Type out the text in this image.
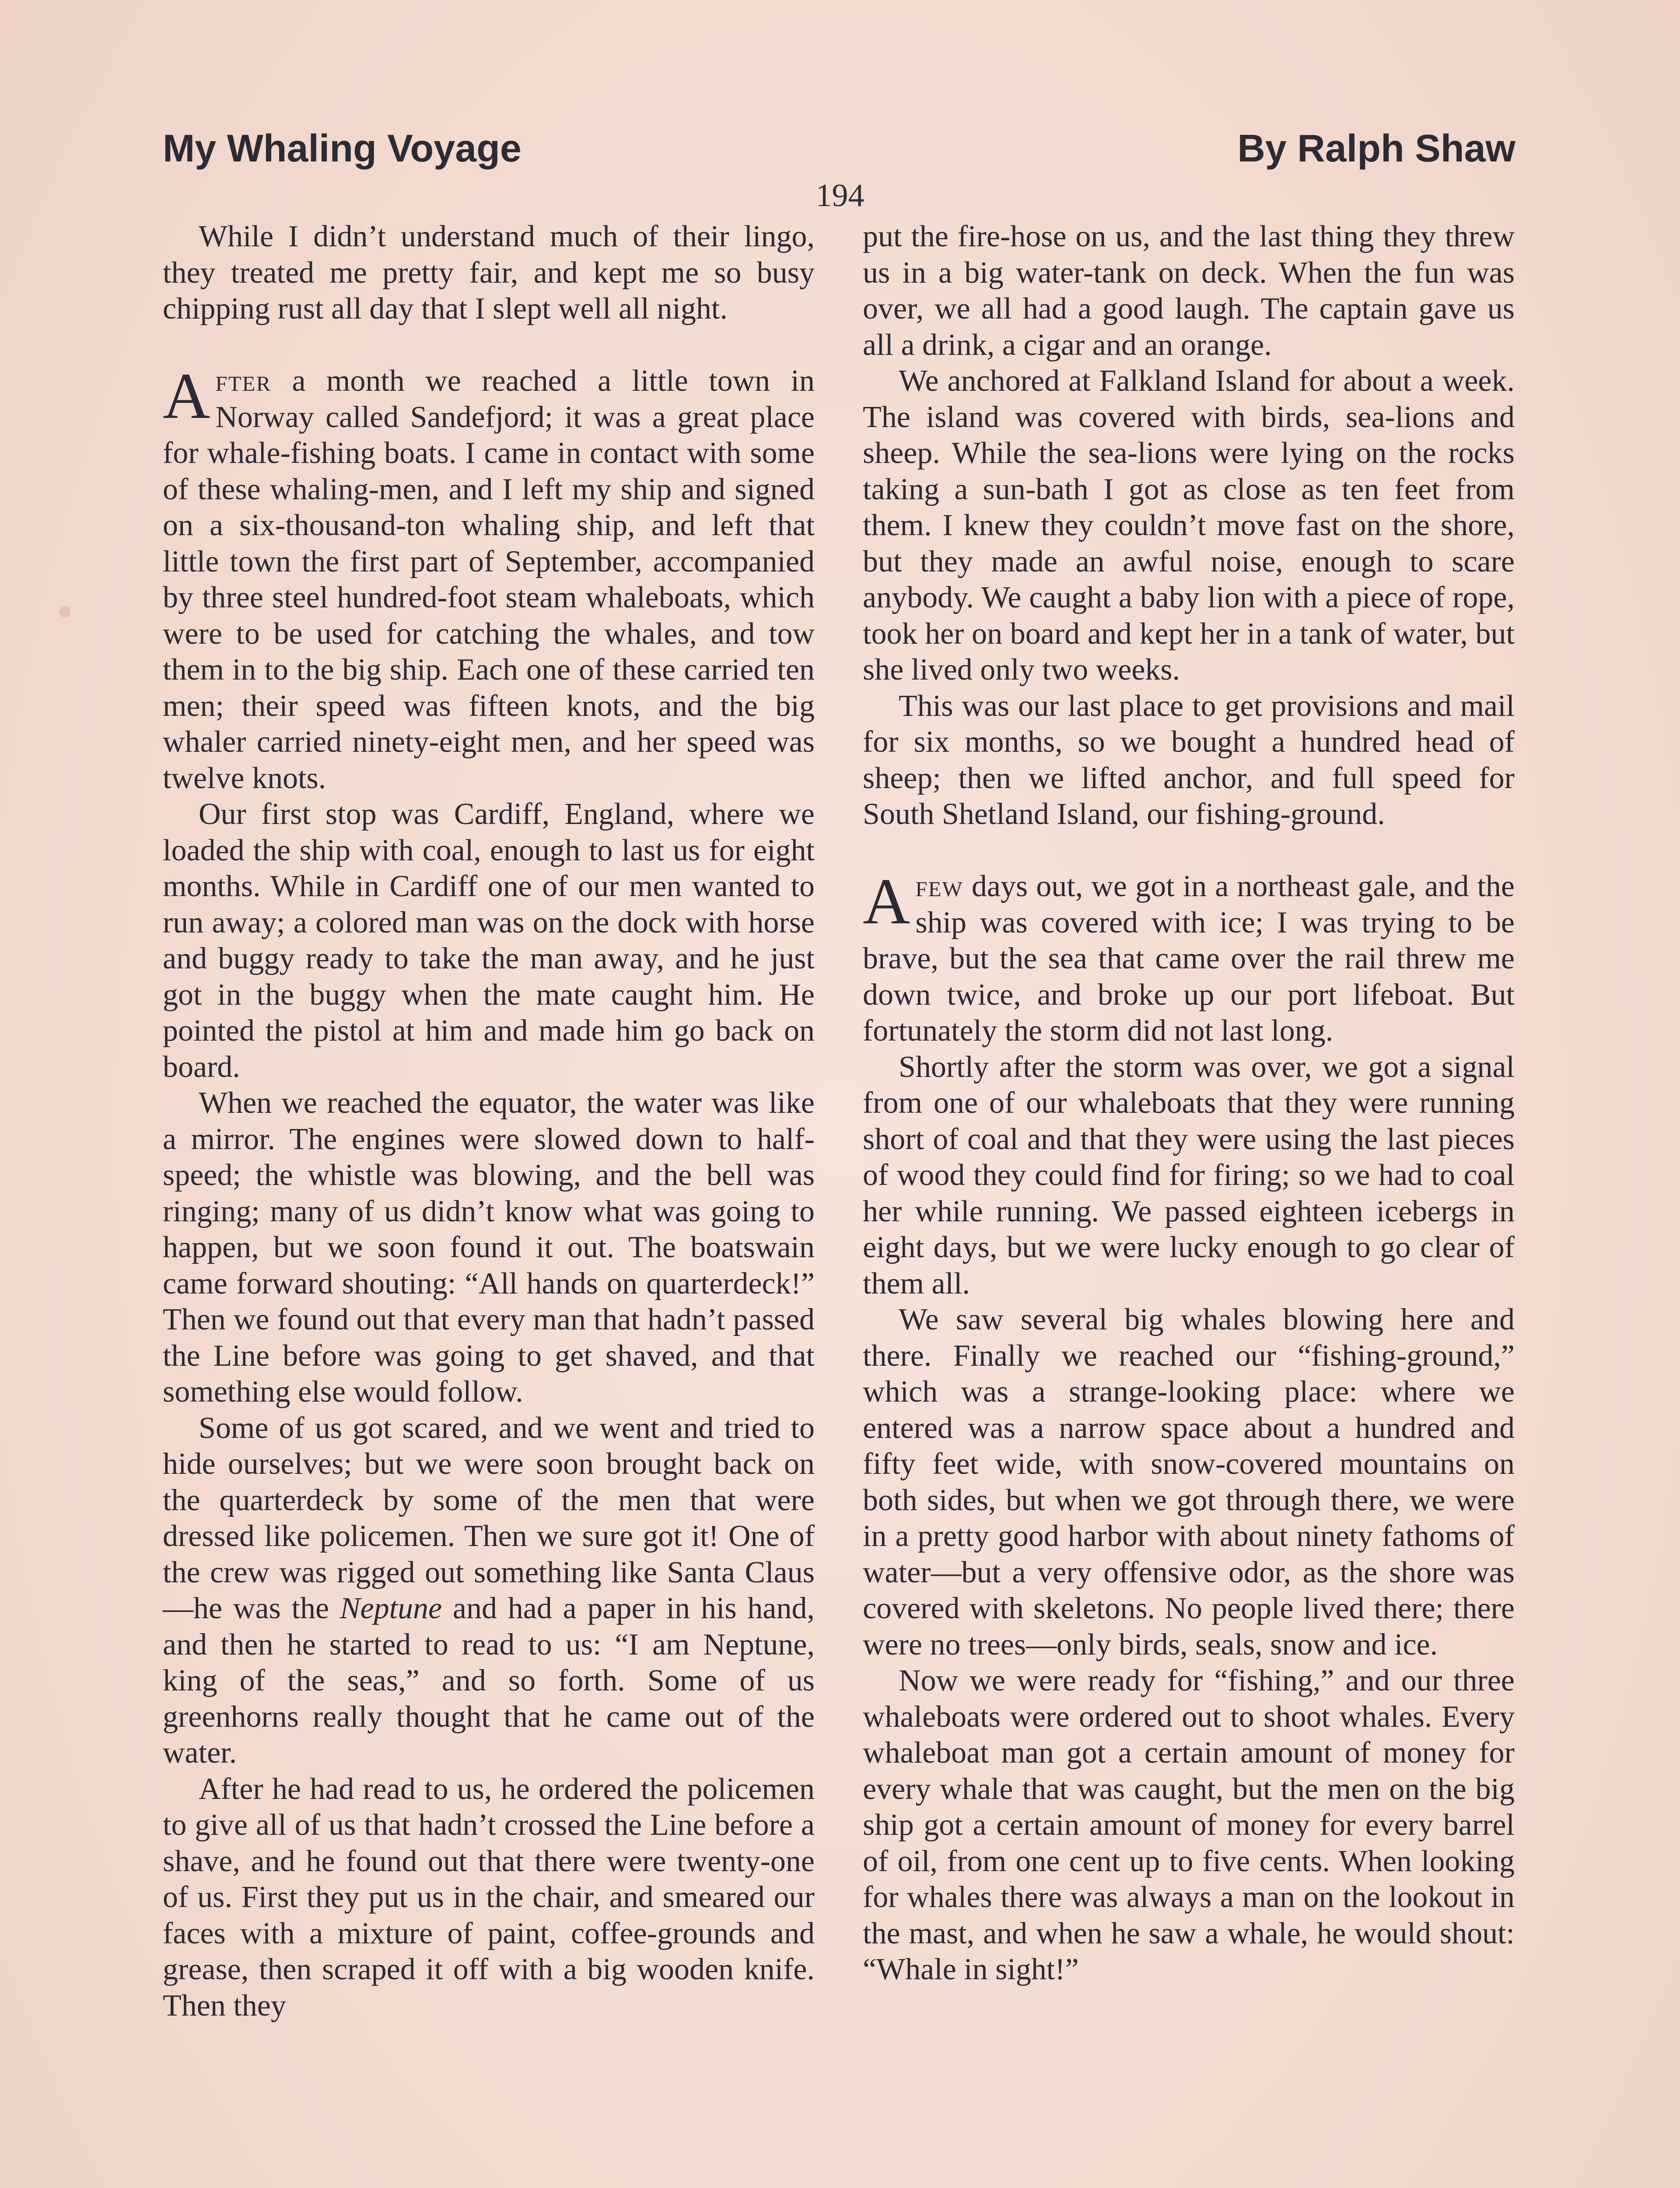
My Whaling Voyage	By Ralph Shaw
194

While I didn’t understand much of their lingo, they treated me pretty fair, and kept me so busy chipping rust all day that I slept well all night.

After a month we reached a little town in Norway called Sandefjord; it was a great place for whale-fishing boats. I came in contact with some of these whaling-men, and I left my ship and signed on a six-thousand-ton whaling ship, and left that little town the first part of September, accompanied by three steel hundred-foot steam whaleboats, which were to be used for catching the whales, and tow them in to the big ship. Each one of these carried ten men; their speed was fifteen knots, and the big whaler carried ninety-eight men, and her speed was twelve knots.

Our first stop was Cardiff, England, where we loaded the ship with coal, enough to last us for eight months. While in Cardiff one of our men wanted to run away; a colored man was on the dock with horse and buggy ready to take the man away, and he just got in the buggy when the mate caught him. He pointed the pistol at him and made him go back on board.

When we reached the equator, the water was like a mirror. The engines were slowed down to half-speed; the whistle was blowing, and the bell was ringing; many of us didn’t know what was going to happen, but we soon found it out. The boatswain came forward shouting: “All hands on quarterdeck!” Then we found out that every man that hadn’t passed the Line before was going to get shaved, and that something else would follow.

Some of us got scared, and we went and tried to hide ourselves; but we were soon brought back on the quarterdeck by some of the men that were dressed like policemen. Then we sure got it! One of the crew was rigged out something like Santa Claus—he was the Neptune and had a paper in his hand, and then he started to read to us: “I am Neptune, king of the seas,” and so forth. Some of us greenhorns really thought that he came out of the water.

After he had read to us, he ordered the policemen to give all of us that hadn’t crossed the Line before a shave, and he found out that there were twenty-one of us. First they put us in the chair, and smeared our faces with a mixture of paint, coffee-grounds and grease, then scraped it off with a big wooden knife. Then they

put the fire-hose on us, and the last thing they threw us in a big water-tank on deck. When the fun was over, we all had a good laugh. The captain gave us all a drink, a cigar and an orange.

We anchored at Falkland Island for about a week. The island was covered with birds, sea-lions and sheep. While the sea-lions were lying on the rocks taking a sun-bath I got as close as ten feet from them. I knew they couldn’t move fast on the shore, but they made an awful noise, enough to scare anybody. We caught a baby lion with a piece of rope, took her on board and kept her in a tank of water, but she lived only two weeks.

This was our last place to get provisions and mail for six months, so we bought a hundred head of sheep; then we lifted anchor, and full speed for South Shetland Island, our fishing-ground.

Afew days out, we got in a northeast gale, and the ship was covered with ice; I was trying to be brave, but the sea that came over the rail threw me down twice, and broke up our port lifeboat. But fortunately the storm did not last long.

Shortly after the storm was over, we got a signal from one of our whaleboats that they were running short of coal and that they were using the last pieces of wood they could find for firing; so we had to coal her while running. We passed eighteen icebergs in eight days, but we were lucky enough to go clear of them all.

We saw several big whales blowing here and there. Finally we reached our “fishing-ground,” which was a strange-looking place: where we entered was a narrow space about a hundred and fifty feet wide, with snow-covered mountains on both sides, but when we got through there, we were in a pretty good harbor with about ninety fathoms of water—but a very offensive odor, as the shore was covered with skeletons. No people lived there; there were no trees—only birds, seals, snow and ice.

Now we were ready for “fishing,” and our three whaleboats were ordered out to shoot whales. Every whaleboat man got a certain amount of money for every whale that was caught, but the men on the big ship got a certain amount of money for every barrel of oil, from one cent up to five cents. When looking for whales there was always a man on the lookout in the mast, and when he saw a whale, he would shout: “Whale in sight!”
